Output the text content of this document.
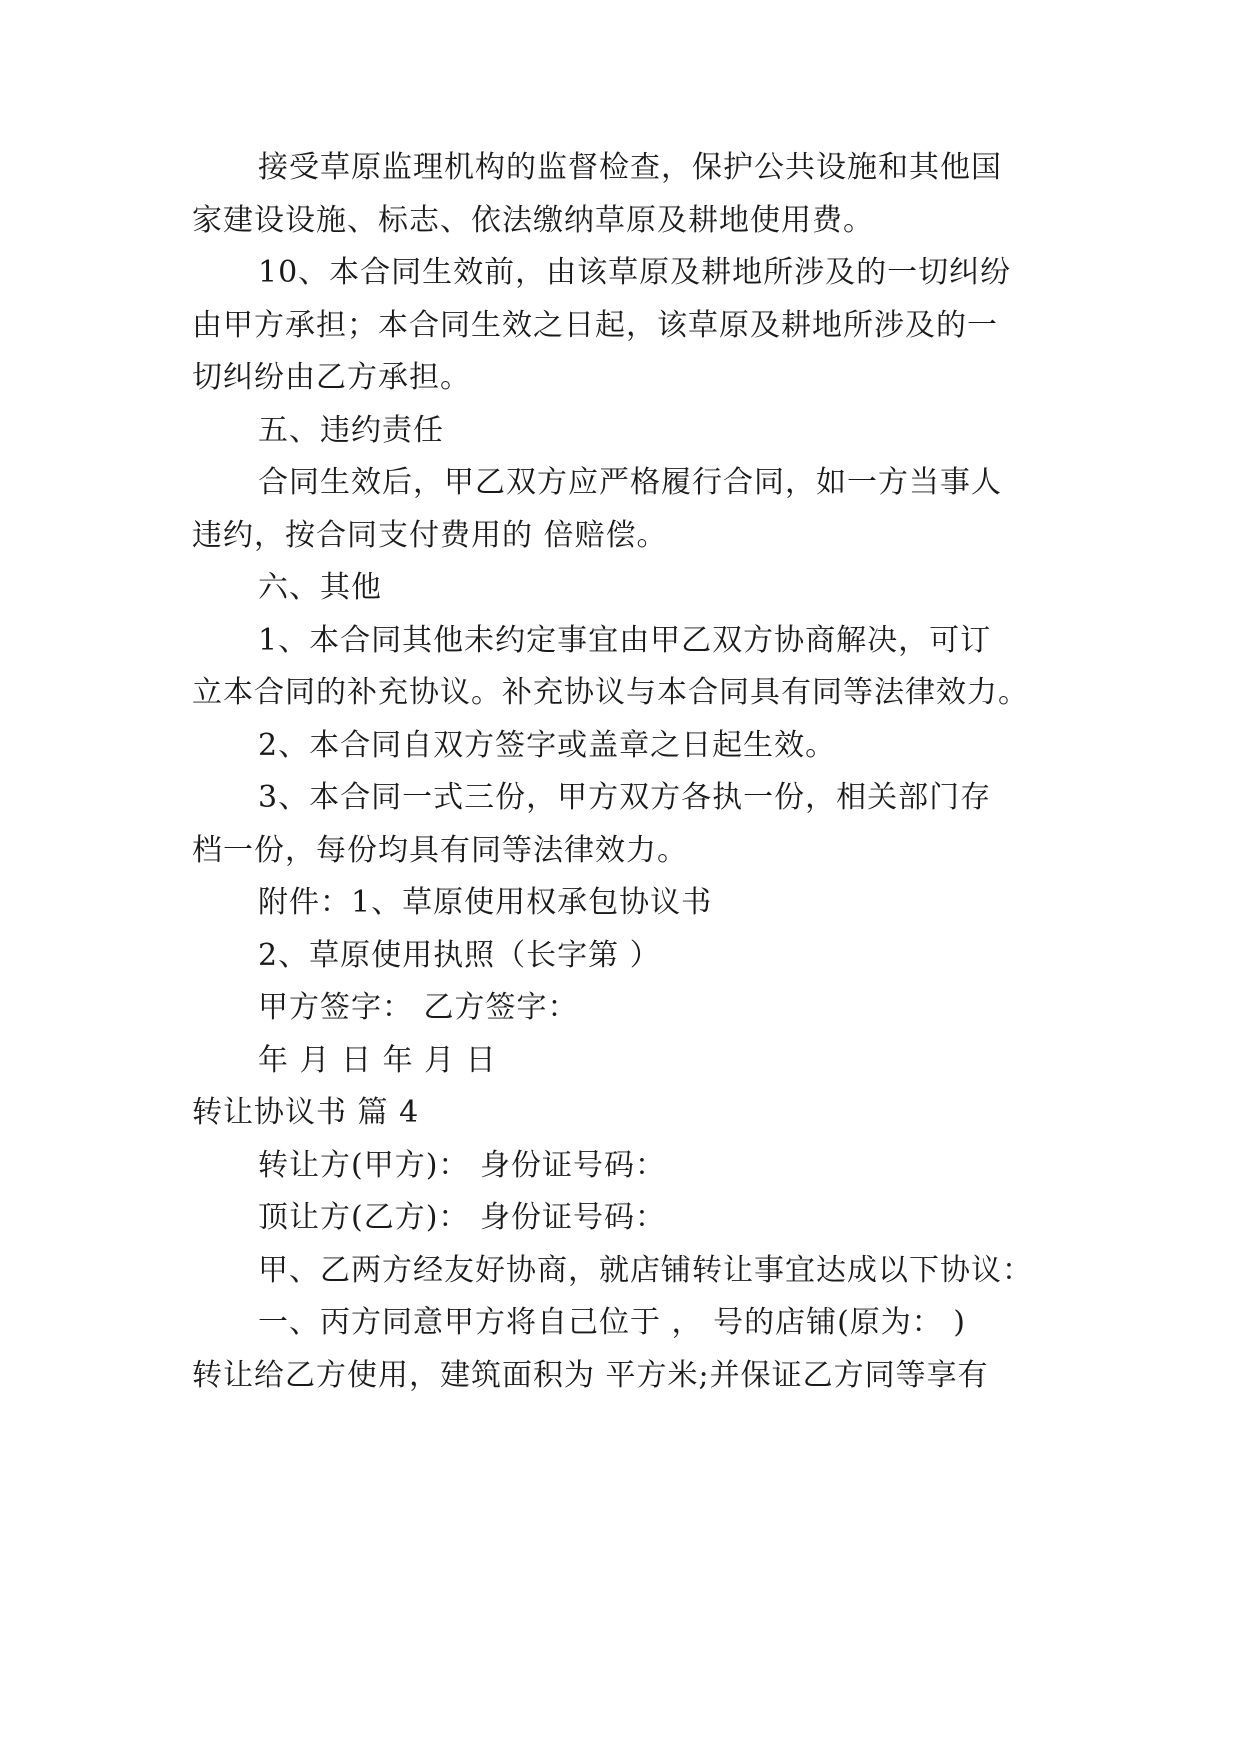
接受草原监理机构的监督检查，保护公共设施和其他国
家建设设施、标志、依法缴纳草原及耕地使用费。
10、本合同生效前，由该草原及耕地所涉及的一切纠纷
由甲方承担；本合同生效之日起，该草原及耕地所涉及的一
切纠纷由乙方承担。
五、违约责任
合同生效后，甲乙双方应严格履行合同，如一方当事人
违约，按合同支付费用的 倍赔偿。
六、其他
1、本合同其他未约定事宜由甲乙双方协商解决，可订
立本合同的补充协议。补充协议与本合同具有同等法律效力。
2、本合同自双方签字或盖章之日起生效。
3、本合同一式三份，甲方双方各执一份，相关部门存
档一份，每份均具有同等法律效力。
附件：1、草原使用权承包协议书
2、草原使用执照（长字第 ）
甲方签字： 乙方签字：
年 月 日 年 月 日
转让协议书 篇 4
转让方(甲方)： 身份证号码：
顶让方(乙方)： 身份证号码：
甲、乙两方经友好协商，就店铺转让事宜达成以下协议：
一、丙方同意甲方将自己位于 ， 号的店铺(原为： )
转让给乙方使用，建筑面积为 平方米;并保证乙方同等享有
